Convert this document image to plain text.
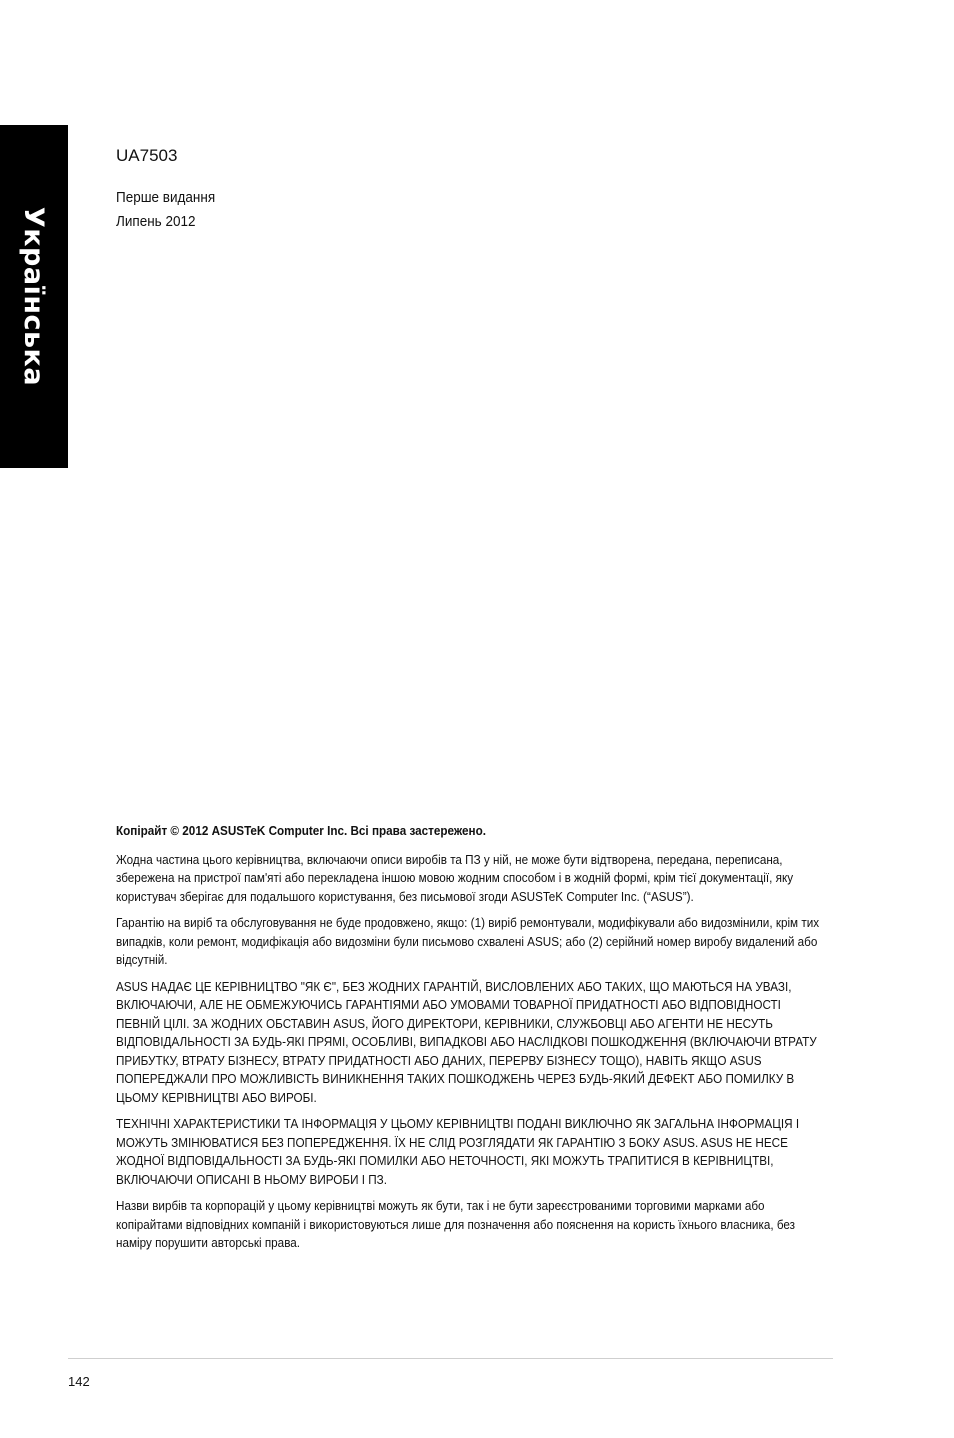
Українська
UA7503
Перше видання
Липень 2012

Копірайт © 2012 ASUSTeK Computer Inc. Всі права застережено.

Жодна частина цього керівництва, включаючи описи виробів та ПЗ у ній, не може бути відтворена, передана, переписана, збережена на пристрої пам'яті або перекладена іншою мовою жодним способом і в жодній формі, крім тієї документації, яку користувач зберігає для подальшого користування, без письмової згоди ASUSTeK Computer Inc. (“ASUS”).

Гарантію на виріб та обслуговування не буде продовжено, якщо: (1) виріб ремонтували, модифікували або видозмінили, крім тих випадків, коли ремонт, модифікація або видозміни були письмово схвалені ASUS; або (2) серійний номер виробу видалений або відсутній.

ASUS НАДАЄ ЦЕ КЕРІВНИЦТВО "ЯК Є", БЕЗ ЖОДНИХ ГАРАНТІЙ, ВИСЛОВЛЕНИХ АБО ТАКИХ, ЩО МАЮТЬСЯ НА УВАЗІ, ВКЛЮЧАЮЧИ, АЛЕ НЕ ОБМЕЖУЮЧИСЬ ГАРАНТІЯМИ АБО УМОВАМИ ТОВАРНОЇ ПРИДАТНОСТІ АБО ВІДПОВІДНОСТІ ПЕВНІЙ ЦІЛІ. ЗА ЖОДНИХ ОБСТАВИН ASUS, ЙОГО ДИРЕКТОРИ, КЕРІВНИКИ, СЛУЖБОВЦІ АБО АГЕНТИ НЕ НЕСУТЬ ВІДПОВІДАЛЬНОСТІ ЗА БУДЬ-ЯКІ ПРЯМІ, ОСОБЛИВІ, ВИПАДКОВІ АБО НАСЛІДКОВІ ПОШКОДЖЕННЯ (ВКЛЮЧАЮЧИ ВТРАТУ ПРИБУТКУ, ВТРАТУ БІЗНЕСУ, ВТРАТУ ПРИДАТНОСТІ АБО ДАНИХ, ПЕРЕРВУ БІЗНЕСУ ТОЩО), НАВІТЬ ЯКЩО ASUS ПОПЕРЕДЖАЛИ ПРО МОЖЛИВІСТЬ ВИНИКНЕННЯ ТАКИХ ПОШКОДЖЕНЬ ЧЕРЕЗ БУДЬ-ЯКИЙ ДЕФЕКТ АБО ПОМИЛКУ В ЦЬОМУ КЕРІВНИЦТВІ АБО ВИРОБІ.

ТЕХНІЧНІ ХАРАКТЕРИСТИКИ ТА ІНФОРМАЦІЯ У ЦЬОМУ КЕРІВНИЦТВІ ПОДАНІ ВИКЛЮЧНО ЯК ЗАГАЛЬНА ІНФОРМАЦІЯ І МОЖУТЬ ЗМІНЮВАТИСЯ БЕЗ ПОПЕРЕДЖЕННЯ. ЇХ НЕ СЛІД РОЗГЛЯДАТИ ЯК ГАРАНТІЮ З БОКУ ASUS. ASUS НЕ НЕСЕ ЖОДНОЇ ВІДПОВІДАЛЬНОСТІ ЗА БУДЬ-ЯКІ ПОМИЛКИ АБО НЕТОЧНОСТІ, ЯКІ МОЖУТЬ ТРАПИТИСЯ В КЕРІВНИЦТВІ, ВКЛЮЧАЮЧИ ОПИСАНІ В НЬОМУ ВИРОБИ І ПЗ.

Назви вирбів та корпорацій у цьому керівництві можуть як бути, так і не бути зареєстрованими торговими марками або копірайтами відповідних компаній і використовуються лише для позначення або пояснення на користь їхнього власника, без наміру порушити авторські права.

142
